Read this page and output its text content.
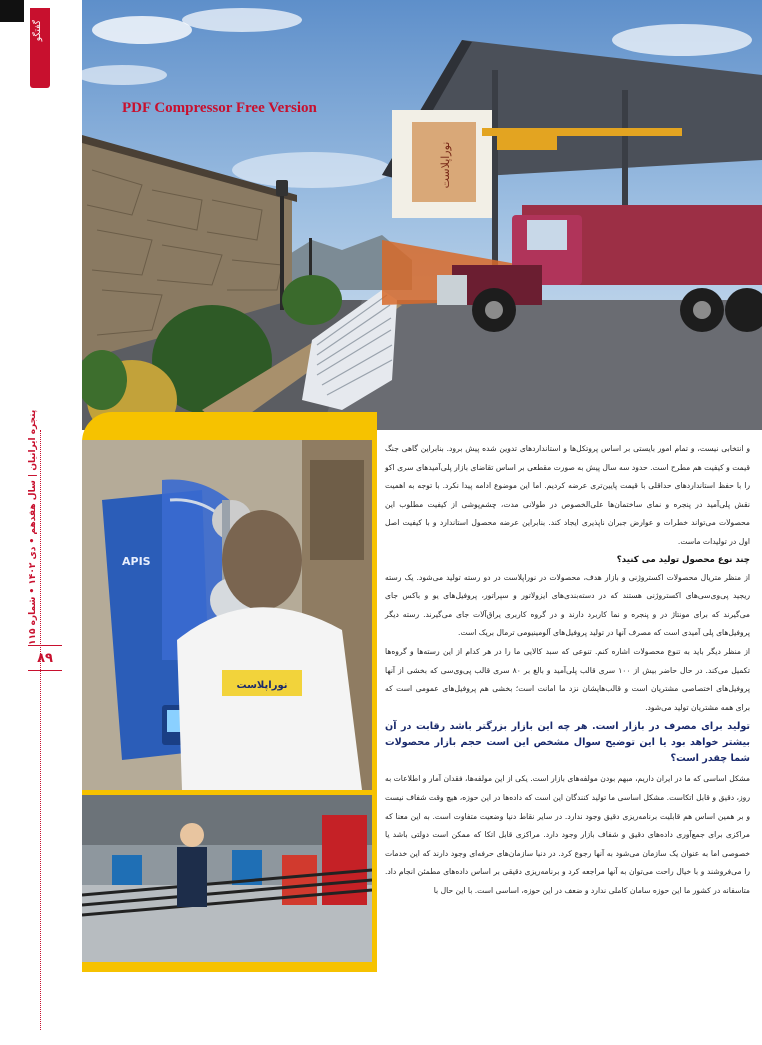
گفتگو
پنجره ایرانیان | سال هفدهم • دی ۱۴۰۲ • شماره ۱۱۵
۸۹
نوراپلاست
PDF Compressor Free Version
APIS
نوراپلاست

و انتخابی نیست، و تمام امور بایستی بر اساس پروتکل‌ها و استانداردهای تدوین شده پیش برود. بنابراین گاهی جنگ قیمت و کیفیت هم مطرح است. حدود سه سال پیش به صورت مقطعی بر اساس تقاضای بازار پلی‌آمیدهای سری اکو را با حفظ استانداردهای حداقلی با قیمت پایین‌تری عرضه کردیم. اما این موضوع ادامه پیدا نکرد. با توجه به اهمیت نقش پلی‌آمید در پنجره و نمای ساختمان‌ها علی‌الخصوص در طولانی مدت، چشم‌پوشی از کیفیت مطلوب این محصولات می‌تواند خطرات و عوارض جبران ناپذیری ایجاد کند. بنابراین عرضه محصول استاندارد و با کیفیت اصل اول در تولیدات ماست.

چند نوع محصول تولید می کنید؟

از منظر متریال محصولات اکستروژنی و بازار هدف، محصولات در نوراپلاست در دو رسته تولید می‌شود. یک رسته ریجید پی‌وی‌سی‌های اکستروژنی هستند که در دسته‌بندی‌های ایزولاتور و سپراتور، پروفیل‌های یو و باکس جای می‌گیرند که برای مونتاژ در و پنجره و نما کاربرد دارند و در گروه کاربری یراق‌آلات جای می‌گیرند. رسته دیگر پروفیل‌های پلی آمیدی است که مصرف آنها در تولید پروفیل‌های آلومینیومی ترمال بریک است.

از منظر دیگر باید به تنوع محصولات اشاره کنم. تنوعی که سبد کالایی ما را در هر کدام از این رسته‌ها و گروه‌ها تکمیل می‌کند. در حال حاضر بیش از ۱۰۰ سری قالب پلی‌آمید و بالغ بر ۸۰ سری قالب پی‌وی‌سی که بخشی از آنها پروفیل‌های اختصاصی مشتریان است و قالب‌هایشان نزد ما امانت است؛ بخشی هم پروفیل‌های عمومی است که برای همه مشتریان تولید می‌شود.

تولید برای مصرف در بازار است. هر چه این بازار بزرگتر باشد رقابت در آن بیشتر خواهد بود یا این توضیح سوال مشخص این است حجم بازار محصولات شما چقدر است؟

مشکل اساسی که ما در ایران داریم، مبهم بودن مولفه‌های بازار است. یکی از این مولفه‌ها، فقدان آمار و اطلاعات به روز، دقیق و قابل اتکاست. مشکل اساسی ما تولید کنندگان این است که داده‌ها در این حوزه، هیچ وقت شفاف نیست و بر همین اساس هم قابلیت برنامه‌ریزی دقیق وجود ندارد. در سایر نقاط دنیا وضعیت متفاوت است. به این معنا که مراکزی برای جمع‌آوری داده‌های دقیق و شفاف بازار وجود دارد. مراکزی قابل اتکا که ممکن است دولتی باشد یا خصوصی اما به عنوان یک سازمان می‌شود به آنها رجوع کرد. در دنیا سازمان‌های حرفه‌ای وجود دارند که این خدمات را می‌فروشند و با خیال راحت می‌توان به آنها مراجعه کرد و برنامه‌ریزی دقیقی بر اساس داده‌های مطمئن انجام داد. متاسفانه در کشور ما این حوزه سامان کاملی ندارد و ضعف در این حوزه، اساسی است. با این حال با
